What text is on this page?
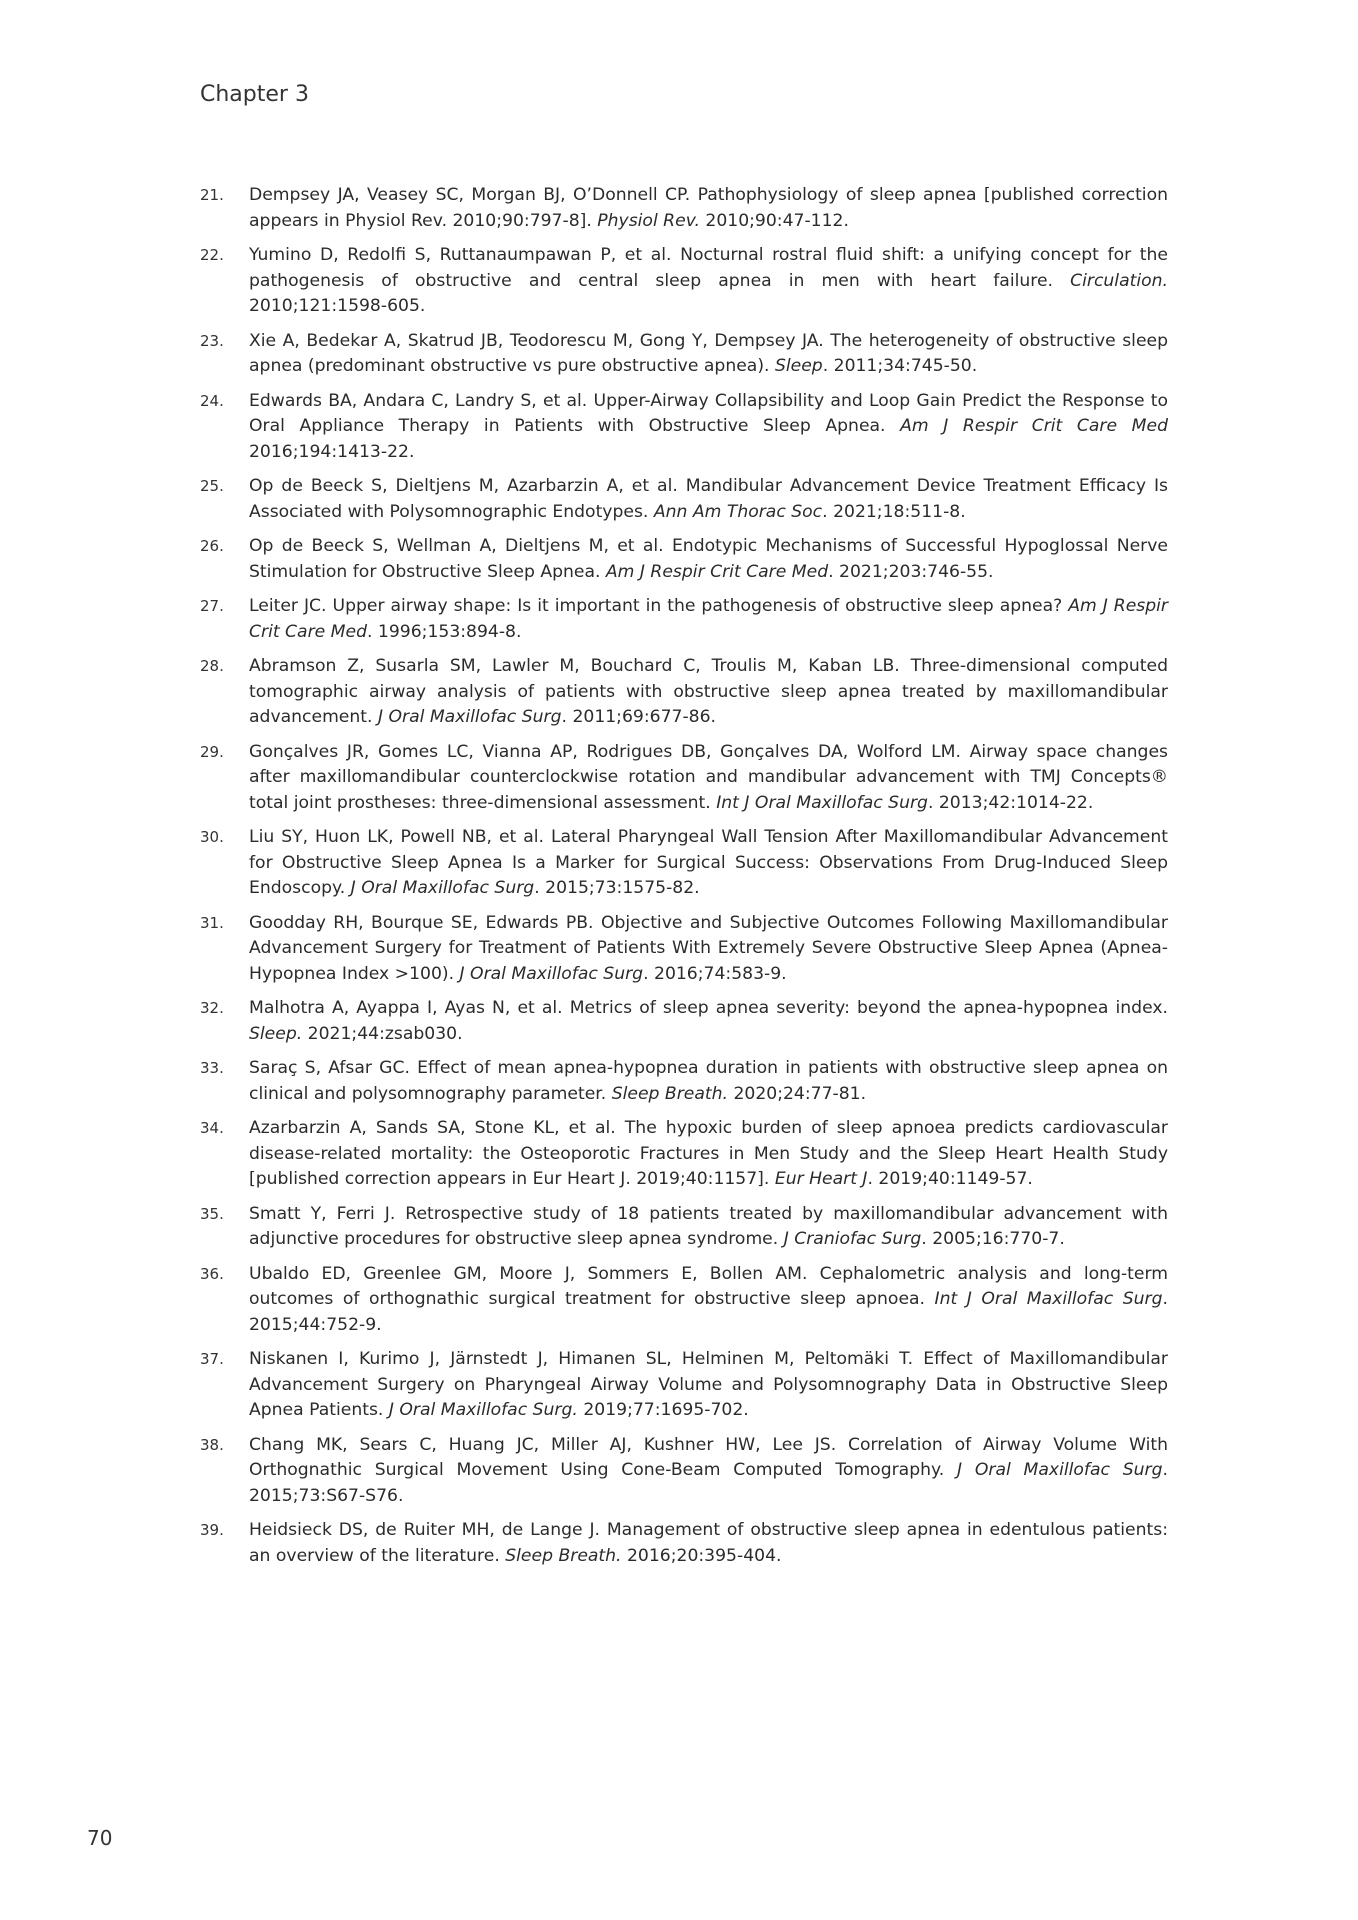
Chapter 3
21.	Dempsey JA, Veasey SC, Morgan BJ, O’Donnell CP. Pathophysiology of sleep apnea [published correction appears in Physiol Rev. 2010;90:797-8]. Physiol Rev. 2010;90:47-112.
22.	Yumino D, Redolfi S, Ruttanaumpawan P, et al. Nocturnal rostral fluid shift: a unifying concept for the pathogenesis of obstructive and central sleep apnea in men with heart failure. Circulation. 2010;121:1598-605.
23.	Xie A, Bedekar A, Skatrud JB, Teodorescu M, Gong Y, Dempsey JA. The heterogeneity of obstructive sleep apnea (predominant obstructive vs pure obstructive apnea). Sleep. 2011;34:745-50.
24.	Edwards BA, Andara C, Landry S, et al. Upper-Airway Collapsibility and Loop Gain Predict the Response to Oral Appliance Therapy in Patients with Obstructive Sleep Apnea. Am J Respir Crit Care Med 2016;194:1413-22.
25.	Op de Beeck S, Dieltjens M, Azarbarzin A, et al. Mandibular Advancement Device Treatment Efficacy Is Associated with Polysomnographic Endotypes. Ann Am Thorac Soc. 2021;18:511-8.
26.	Op de Beeck S, Wellman A, Dieltjens M, et al. Endotypic Mechanisms of Successful Hypoglossal Nerve Stimulation for Obstructive Sleep Apnea. Am J Respir Crit Care Med. 2021;203:746-55.
27.	Leiter JC. Upper airway shape: Is it important in the pathogenesis of obstructive sleep apnea? Am J Respir Crit Care Med. 1996;153:894-8.
28.	Abramson Z, Susarla SM, Lawler M, Bouchard C, Troulis M, Kaban LB. Three-dimensional computed tomographic airway analysis of patients with obstructive sleep apnea treated by maxillomandibular advancement. J Oral Maxillofac Surg. 2011;69:677-86.
29.	Gonçalves JR, Gomes LC, Vianna AP, Rodrigues DB, Gonçalves DA, Wolford LM. Airway space changes after maxillomandibular counterclockwise rotation and mandibular advancement with TMJ Concepts® total joint prostheses: three-dimensional assessment. Int J Oral Maxillofac Surg. 2013;42:1014-22.
30.	Liu SY, Huon LK, Powell NB, et al. Lateral Pharyngeal Wall Tension After Maxillomandibular Advancement for Obstructive Sleep Apnea Is a Marker for Surgical Success: Observations From Drug-Induced Sleep Endoscopy. J Oral Maxillofac Surg. 2015;73:1575-82.
31.	Goodday RH, Bourque SE, Edwards PB. Objective and Subjective Outcomes Following Maxillomandibular Advancement Surgery for Treatment of Patients With Extremely Severe Obstructive Sleep Apnea (Apnea-Hypopnea Index >100). J Oral Maxillofac Surg. 2016;74:583-9.
32.	Malhotra A, Ayappa I, Ayas N, et al. Metrics of sleep apnea severity: beyond the apnea-hypopnea index. Sleep. 2021;44:zsab030.
33.	Saraç S, Afsar GC. Effect of mean apnea-hypopnea duration in patients with obstructive sleep apnea on clinical and polysomnography parameter. Sleep Breath. 2020;24:77-81.
34.	Azarbarzin A, Sands SA, Stone KL, et al. The hypoxic burden of sleep apnoea predicts cardiovascular disease-related mortality: the Osteoporotic Fractures in Men Study and the Sleep Heart Health Study [published correction appears in Eur Heart J. 2019;40:1157]. Eur Heart J. 2019;40:1149-57.
35.	Smatt Y, Ferri J. Retrospective study of 18 patients treated by maxillomandibular advancement with adjunctive procedures for obstructive sleep apnea syndrome. J Craniofac Surg. 2005;16:770-7.
36.	Ubaldo ED, Greenlee GM, Moore J, Sommers E, Bollen AM. Cephalometric analysis and long-term outcomes of orthognathic surgical treatment for obstructive sleep apnoea. Int J Oral Maxillofac Surg. 2015;44:752-9.
37.	Niskanen I, Kurimo J, Järnstedt J, Himanen SL, Helminen M, Peltomäki T. Effect of Maxillomandibular Advancement Surgery on Pharyngeal Airway Volume and Polysomnography Data in Obstructive Sleep Apnea Patients. J Oral Maxillofac Surg. 2019;77:1695-702.
38.	Chang MK, Sears C, Huang JC, Miller AJ, Kushner HW, Lee JS. Correlation of Airway Volume With Orthognathic Surgical Movement Using Cone-Beam Computed Tomography. J Oral Maxillofac Surg. 2015;73:S67-S76.
39.	Heidsieck DS, de Ruiter MH, de Lange J. Management of obstructive sleep apnea in edentulous patients: an overview of the literature. Sleep Breath. 2016;20:395-404.
70
